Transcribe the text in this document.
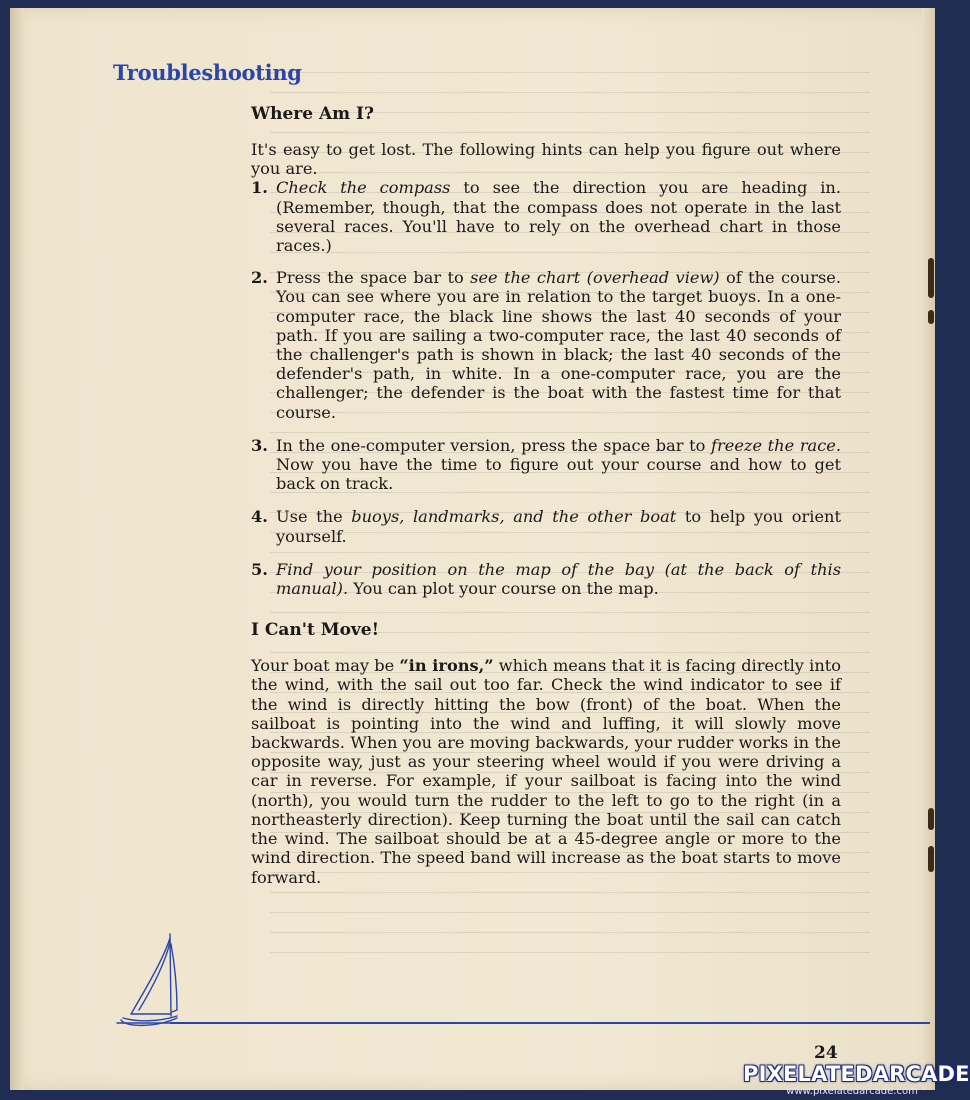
Troubleshooting
Where Am I?

It's easy to get lost. The following hints can help you figure out where you are.

1. Check the compass to see the direction you are heading in. (Remember, though, that the compass does not operate in the last several races. You'll have to rely on the overhead chart in those races.)
2. Press the space bar to see the chart (overhead view) of the course. You can see where you are in relation to the target buoys. In a one-computer race, the black line shows the last 40 seconds of your path. If you are sailing a two-computer race, the last 40 seconds of the challenger's path is shown in black; the last 40 seconds of the defender's path, in white. In a one-computer race, you are the challenger; the defender is the boat with the fastest time for that course.
3. In the one-computer version, press the space bar to freeze the race. Now you have the time to figure out your course and how to get back on track.
4. Use the buoys, landmarks, and the other boat to help you orient yourself.
5. Find your position on the map of the bay (at the back of this manual). You can plot your course on the map.
I Can't Move!

Your boat may be “in irons,” which means that it is facing directly into the wind, with the sail out too far. Check the wind indicator to see if the wind is directly hitting the bow (front) of the boat. When the sailboat is pointing into the wind and luffing, it will slowly move backwards. When you are moving backwards, your rudder works in the opposite way, just as your steering wheel would if you were driving a car in reverse. For example, if your sailboat is facing into the wind (north), you would turn the rudder to the left to go to the right (in a northeasterly direction). Keep turning the boat until the sail can catch the wind. The sailboat should be at a 45-degree angle or more to the wind direction. The speed band will increase as the boat starts to move forward.

24
PIXELATEDARCADE
www.pixelatedarcade.com
